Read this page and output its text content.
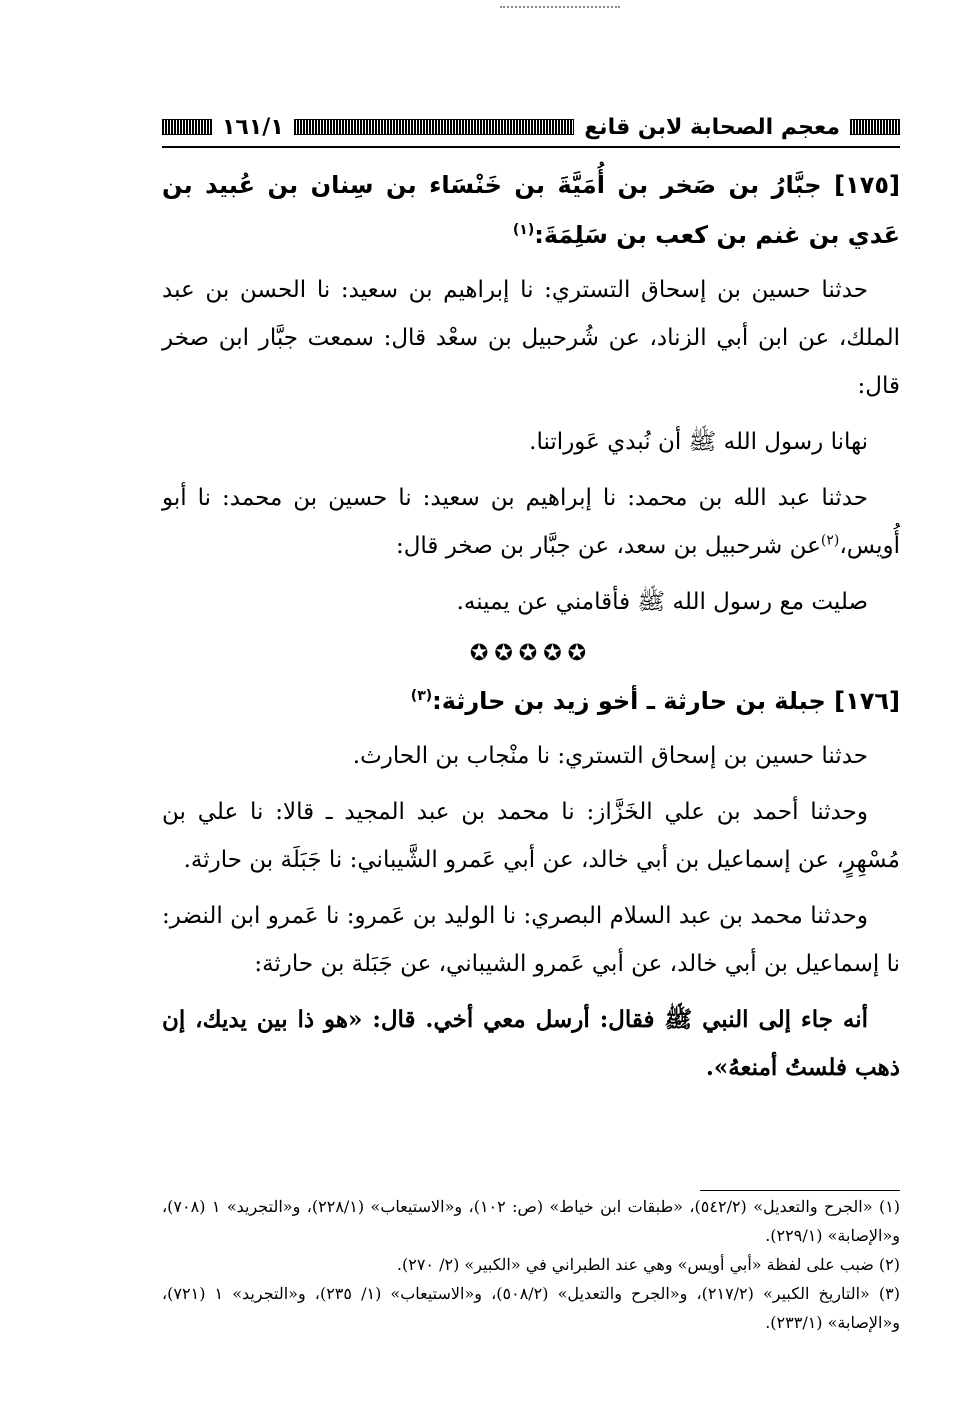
معجم الصحابة لابن قانع
١٦١/١

[١٧٥] جبَّارُ بن صَخر بن أُمَيَّةَ بن خَنْسَاء بن سِنان بن عُبيد بن عَدي بن غنم بن كعب بن سَلِمَةَ:$^{(١)}$

حدثنا حسين بن إسحاق التستري: نا إبراهيم بن سعيد: نا الحسن بن عبد الملك، عن ابن أبي الزناد، عن شُرحبيل بن سعْد قال: سمعت جبَّار ابن صخر قال:

نهانا رسول الله ﷺ أن نُبدي عَوراتنا.

حدثنا عبد الله بن محمد: نا إبراهيم بن سعيد: نا حسين بن محمد: نا أبو أُويس،$^{(٢)}$عن شرحبيل بن سعد، عن جبَّار بن صخر قال:

صليت مع رسول الله ﷺ فأقامني عن يمينه.

✪✪✪✪✪

[١٧٦] جبلة بن حارثة ـ أخو زيد بن حارثة:$^{(٣)}$

حدثنا حسين بن إسحاق التستري: نا منْجاب بن الحارث.

وحدثنا أحمد بن علي الخَزَّاز: نا محمد بن عبد المجيد ـ قالا: نا علي بن مُسْهِرٍ، عن إسماعيل بن أبي خالد، عن أبي عَمرو الشَّيباني: نا جَبَلَة بن حارثة.

وحدثنا محمد بن عبد السلام البصري: نا الوليد بن عَمرو: نا عَمرو ابن النضر: نا إسماعيل بن أبي خالد، عن أبي عَمرو الشيباني، عن جَبَلة بن حارثة:

أنه جاء إلى النبي ﷺ فقال: أرسل معي أخي. قال: «هو ذا بين يديك، إن ذهب فلستُ أمنعهُ».

(١) «الجرح والتعديل» (٥٤٢/٢)، «طبقات ابن خياط» (ص: ١٠٢)، و«الاستيعاب» (٢٢٨/١)، و«التجريد» ١ (٧٠٨)، و«الإصابة» (٢٢٩/١).

(٢) ضبب على لفظة «أبي أويس» وهي عند الطبراني في «الكبير» (٢/ ٢٧٠).

(٣) «التاريخ الكبير» (٢١٧/٢)، و«الجرح والتعديل» (٥٠٨/٢)، و«الاستيعاب» (١/ ٢٣٥)، و«التجريد» ١ (٧٢١)، و«الإصابة» (٢٣٣/١).
